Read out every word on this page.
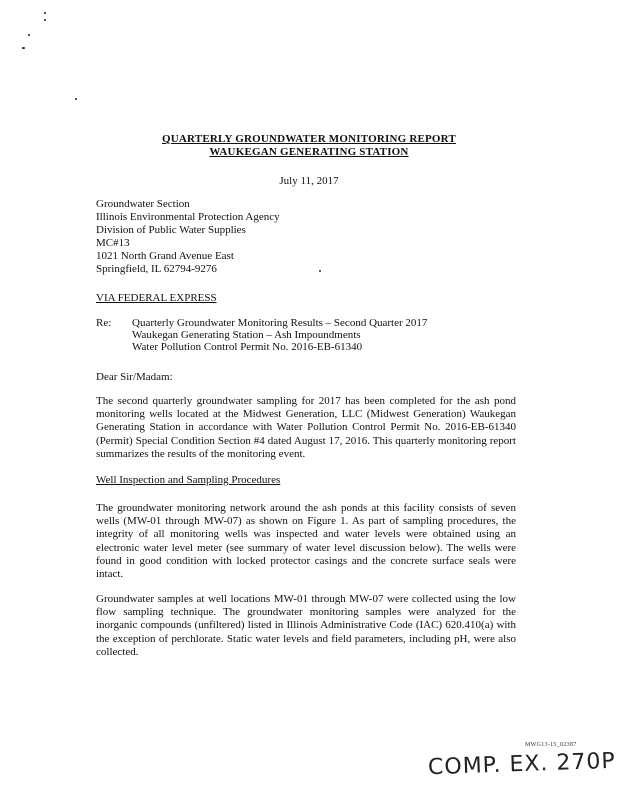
QUARTERLY GROUNDWATER MONITORING REPORT
WAUKEGAN GENERATING STATION
July 11, 2017
Groundwater Section
Illinois Environmental Protection Agency
Division of Public Water Supplies
MC#13
1021 North Grand Avenue East
Springfield, IL 62794-9276
VIA FEDERAL EXPRESS
Re: Quarterly Groundwater Monitoring Results – Second Quarter 2017
Waukegan Generating Station – Ash Impoundments
Water Pollution Control Permit No. 2016-EB-61340
Dear Sir/Madam:

The second quarterly groundwater sampling for 2017 has been completed for the ash pond monitoring wells located at the Midwest Generation, LLC (Midwest Generation) Waukegan Generating Station in accordance with Water Pollution Control Permit No. 2016-EB-61340 (Permit) Special Condition Section #4 dated August 17, 2016. This quarterly monitoring report summarizes the results of the monitoring event.

Well Inspection and Sampling Procedures

The groundwater monitoring network around the ash ponds at this facility consists of seven wells (MW-01 through MW-07) as shown on Figure 1. As part of sampling procedures, the integrity of all monitoring wells was inspected and water levels were obtained using an electronic water level meter (see summary of water level discussion below). The wells were found in good condition with locked protector casings and the concrete surface seals were intact.

Groundwater samples at well locations MW-01 through MW-07 were collected using the low flow sampling technique. The groundwater monitoring samples were analyzed for the inorganic compounds (unfiltered) listed in Illinois Administrative Code (IAC) 620.410(a) with the exception of perchlorate. Static water levels and field parameters, including pH, were also collected.

MWG13-15_02387
COMP. EX. 270P
